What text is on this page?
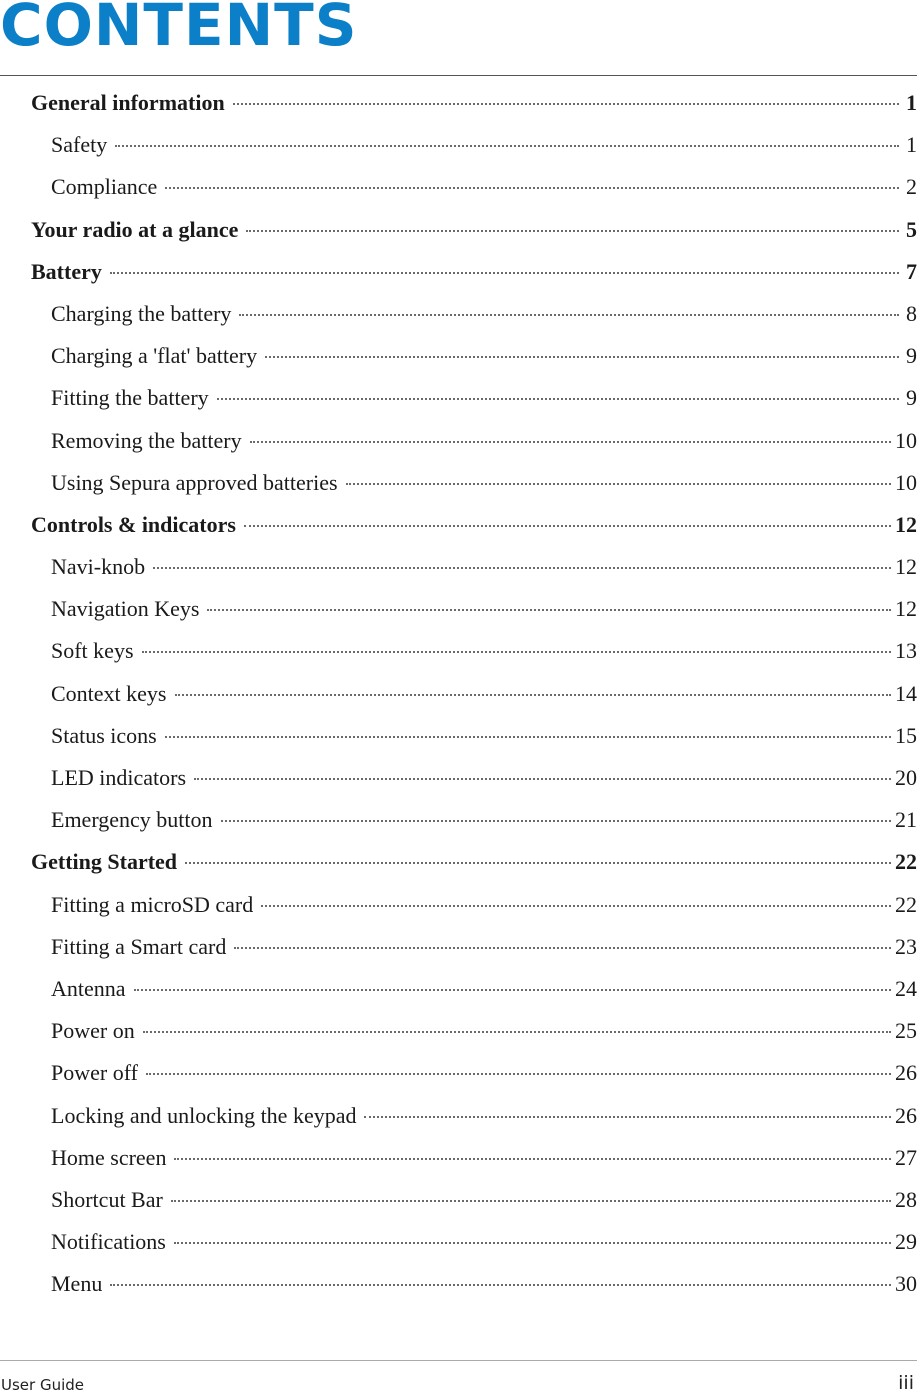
CONTENTS
General information	1
Safety	1
Compliance	2
Your radio at a glance	5
Battery	7
Charging the battery	8
Charging a 'flat' battery	9
Fitting the battery	9
Removing the battery	10
Using Sepura approved batteries	10
Controls & indicators	12
Navi-knob	12
Navigation Keys	12
Soft keys	13
Context keys	14
Status icons	15
LED indicators	20
Emergency button	21
Getting Started	22
Fitting a microSD card	22
Fitting a Smart card	23
Antenna	24
Power on	25
Power off	26
Locking and unlocking the keypad	26
Home screen	27
Shortcut Bar	28
Notifications	29
Menu	30
User Guide	iii
